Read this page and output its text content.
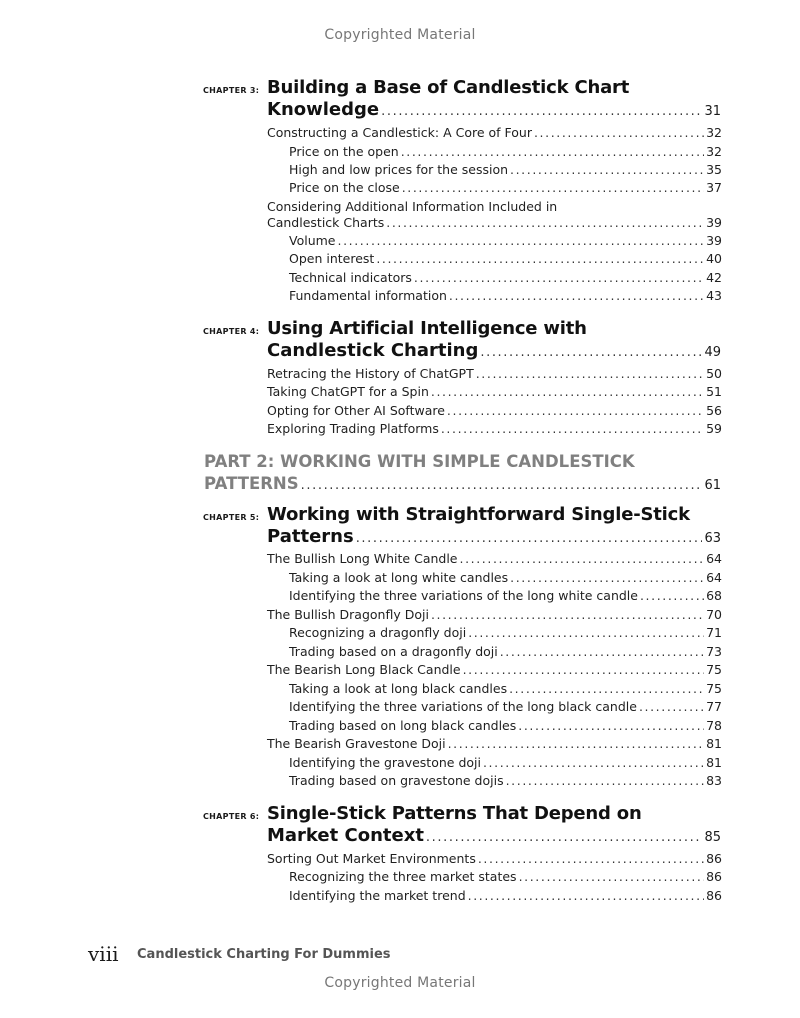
Copyrighted Material
CHAPTER 3: Building a Base of Candlestick Chart
Knowledge .....	31
Constructing a Candlestick: A Core of Four .....	32
Price on the open .....	32
High and low prices for the session .....	35
Price on the close .....	37
Considering Additional Information Included in
Candlestick Charts .....	39
Volume .....	39
Open interest .....	40
Technical indicators .....	42
Fundamental information .....	43
CHAPTER 4: Using Artificial Intelligence with
Candlestick Charting .....	49
Retracing the History of ChatGPT .....	50
Taking ChatGPT for a Spin .....	51
Opting for Other AI Software .....	56
Exploring Trading Platforms .....	59
PART 2: WORKING WITH SIMPLE CANDLESTICK
PATTERNS .....	61
CHAPTER 5: Working with Straightforward Single-Stick
Patterns .....	63
The Bullish Long White Candle .....	64
Taking a look at long white candles .....	64
Identifying the three variations of the long white candle .....	68
The Bullish Dragonfly Doji .....	70
Recognizing a dragonfly doji .....	71
Trading based on a dragonfly doji .....	73
The Bearish Long Black Candle .....	75
Taking a look at long black candles .....	75
Identifying the three variations of the long black candle .....	77
Trading based on long black candles .....	78
The Bearish Gravestone Doji .....	81
Identifying the gravestone doji .....	81
Trading based on gravestone dojis .....	83
CHAPTER 6: Single-Stick Patterns That Depend on
Market Context .....	85
Sorting Out Market Environments .....	86
Recognizing the three market states .....	86
Identifying the market trend .....	86
viii Candlestick Charting For Dummies
Copyrighted Material
